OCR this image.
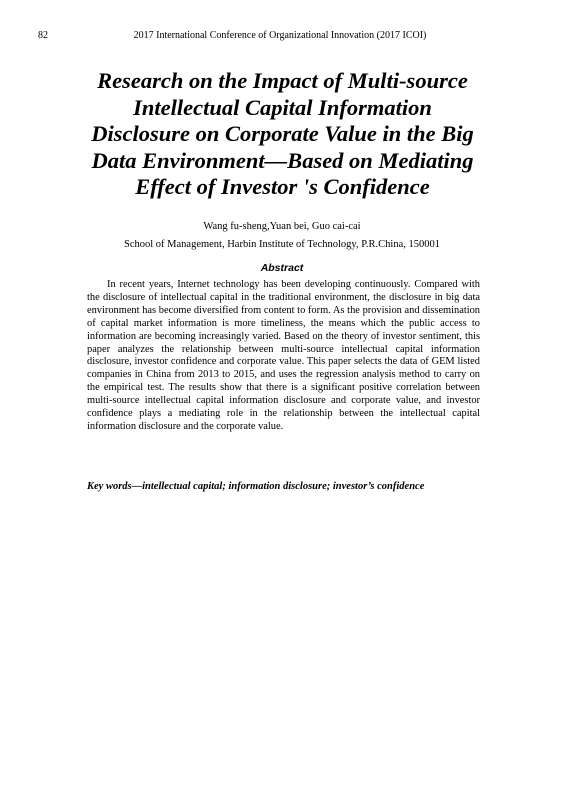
82	2017 International Conference of Organizational Innovation (2017 ICOI)
Research on the Impact of Multi-source
Intellectual Capital Information
Disclosure on Corporate Value in the Big
Data Environment—Based on Mediating
Effect of Investor 's Confidence
Wang fu-sheng,Yuan bei, Guo cai-cai
School of Management, Harbin Institute of Technology, P.R.China, 150001
Abstract

In recent years, Internet technology has been developing continuously. Compared with the disclosure of intellectual capital in the traditional environment, the disclosure in big data environment has become diversified from content to form. As the provision and dissemination of capital market information is more timeliness, the means which the public access to information are becoming increasingly varied. Based on the theory of investor sentiment, this paper analyzes the relationship between multi-source intellectual capital information disclosure, investor confidence and corporate value. This paper selects the data of GEM listed companies in China from 2013 to 2015, and uses the regression analysis method to carry on the empirical test. The results show that there is a significant positive correlation between multi-source intellectual capital information disclosure and corporate value, and investor confidence plays a mediating role in the relationship between the intellectual capital information disclosure and the corporate value.

Key words—intellectual capital; information disclosure; investor’s confidence
